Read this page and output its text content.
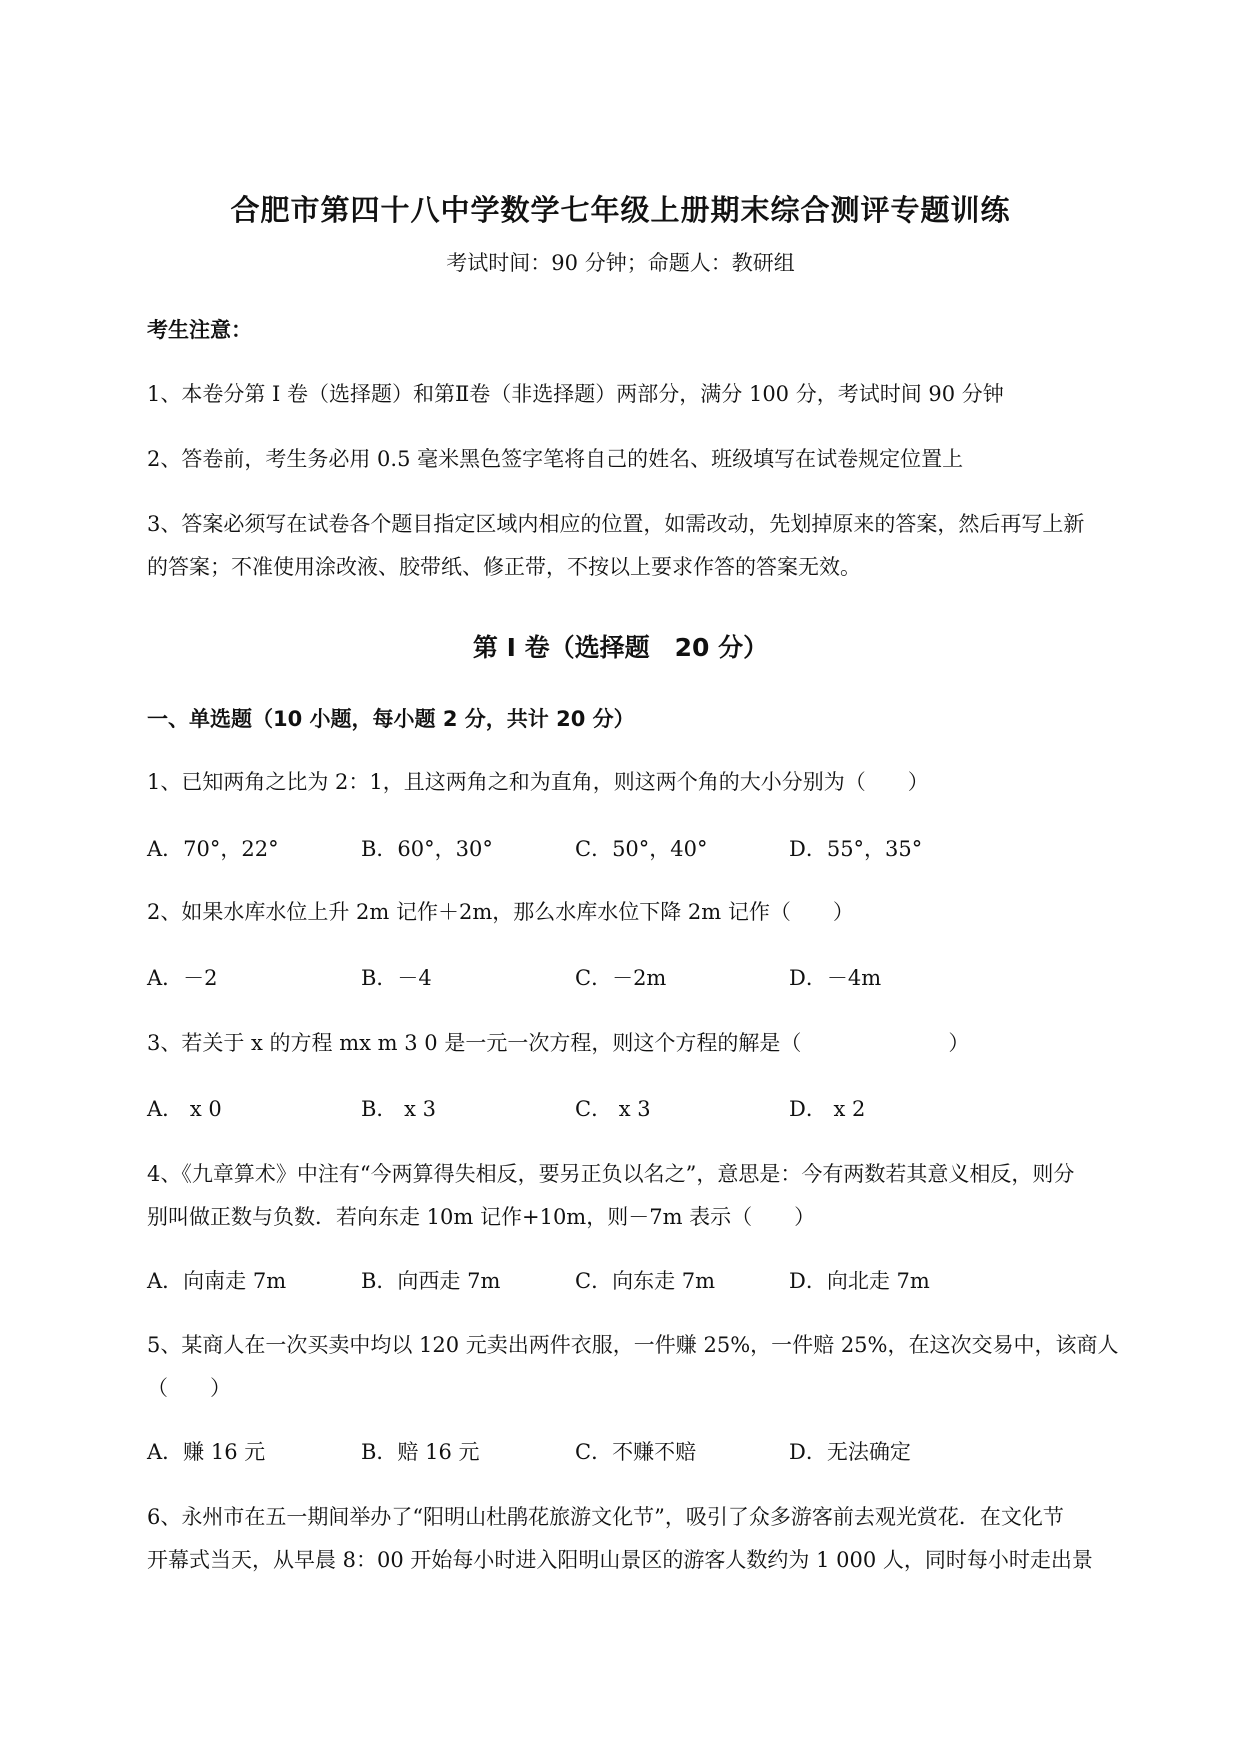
合肥市第四十八中学数学七年级上册期末综合测评专题训练
考试时间：90 分钟；命题人：教研组
考生注意：
1、本卷分第 I 卷（选择题）和第Ⅱ卷（非选择题）两部分，满分 100 分，考试时间 90 分钟
2、答卷前，考生务必用 0.5 毫米黑色签字笔将自己的姓名、班级填写在试卷规定位置上
3、答案必须写在试卷各个题目指定区域内相应的位置，如需改动，先划掉原来的答案，然后再写上新
的答案；不准使用涂改液、胶带纸、修正带，不按以上要求作答的答案无效。
第 I 卷（选择题　20 分）
一、单选题（10 小题，每小题 2 分，共计 20 分）
1、已知两角之比为 2：1，且这两角之和为直角，则这两个角的大小分别为（　　）
A．70°，22°	B．60°，30°	C．50°，40°	D．55°，35°
2、如果水库水位上升 2m 记作＋2m，那么水库水位下降 2m 记作（　　）
A．－2	B．－4	C．－2m	D．－4m
3、若关于 x 的方程 mx m 3 0 是一元一次方程，则这个方程的解是（　　　　　　　）
A． x 0	B． x 3	C． x 3	D． x 2
4、《九章算术》中注有“今两算得失相反，要另正负以名之”，意思是：今有两数若其意义相反，则分
别叫做正数与负数．若向东走 10m 记作+10m，则－7m 表示（　　）
A．向南走 7m	B．向西走 7m	C．向东走 7m	D．向北走 7m
5、某商人在一次买卖中均以 120 元卖出两件衣服，一件赚 25%，一件赔 25%，在这次交易中，该商人
（　　）
A．赚 16 元	B．赔 16 元	C．不赚不赔	D．无法确定
6、永州市在五一期间举办了“阳明山杜鹃花旅游文化节”，吸引了众多游客前去观光赏花．在文化节
开幕式当天，从早晨 8：00 开始每小时进入阳明山景区的游客人数约为 1 000 人，同时每小时走出景
